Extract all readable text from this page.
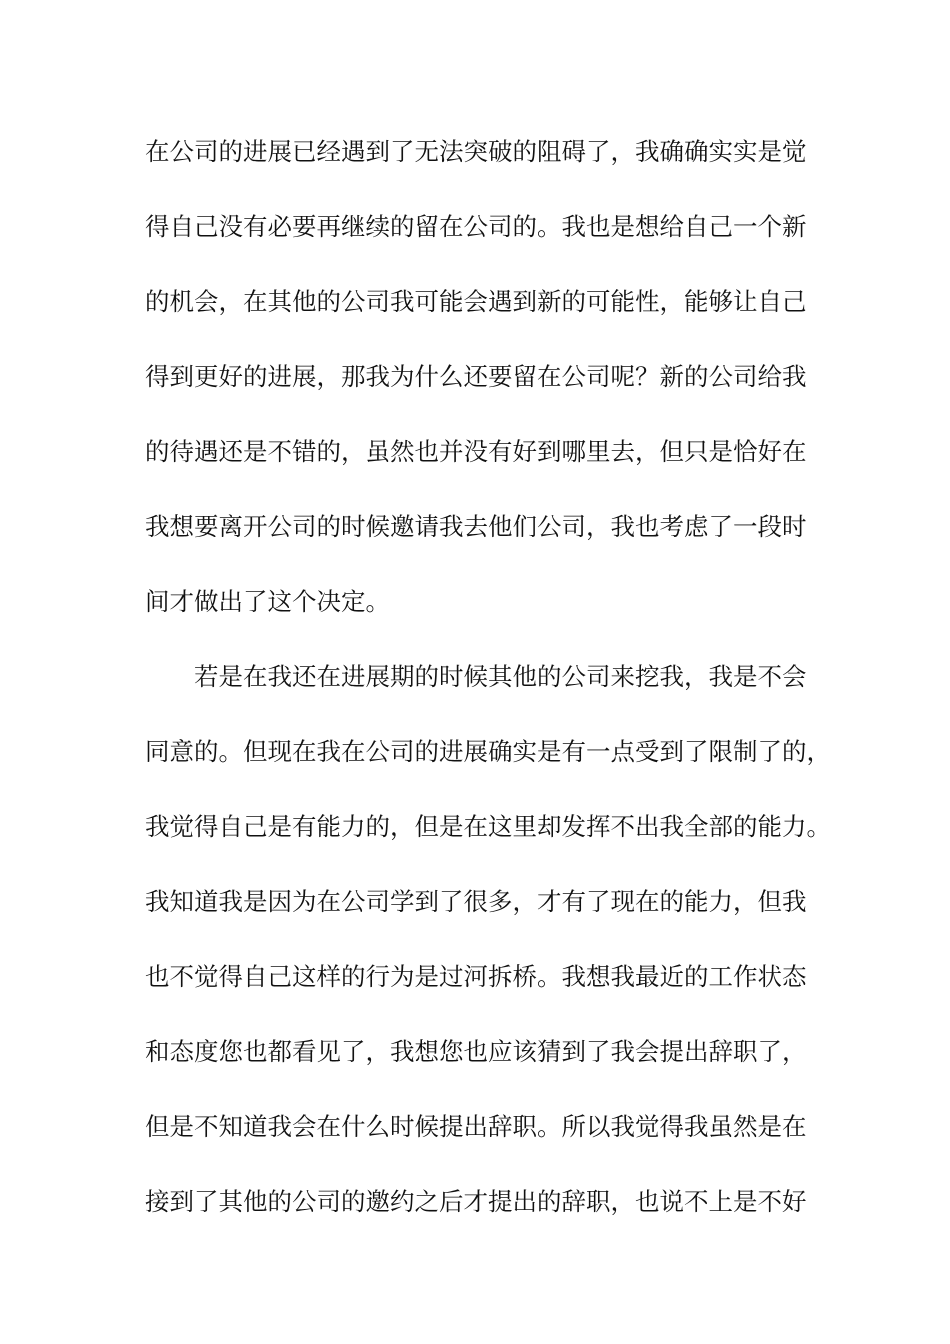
在公司的进展已经遇到了无法突破的阻碍了，我确确实实是觉
得自己没有必要再继续的留在公司的。我也是想给自己一个新
的机会，在其他的公司我可能会遇到新的可能性，能够让自己
得到更好的进展，那我为什么还要留在公司呢？新的公司给我
的待遇还是不错的，虽然也并没有好到哪里去，但只是恰好在
我想要离开公司的时候邀请我去他们公司，我也考虑了一段时
间才做出了这个决定。
若是在我还在进展期的时候其他的公司来挖我，我是不会
同意的。但现在我在公司的进展确实是有一点受到了限制了的，
我觉得自己是有能力的，但是在这里却发挥不出我全部的能力。
我知道我是因为在公司学到了很多，才有了现在的能力，但我
也不觉得自己这样的行为是过河拆桥。我想我最近的工作状态
和态度您也都看见了，我想您也应该猜到了我会提出辞职了，
但是不知道我会在什么时候提出辞职。所以我觉得我虽然是在
接到了其他的公司的邀约之后才提出的辞职，也说不上是不好
